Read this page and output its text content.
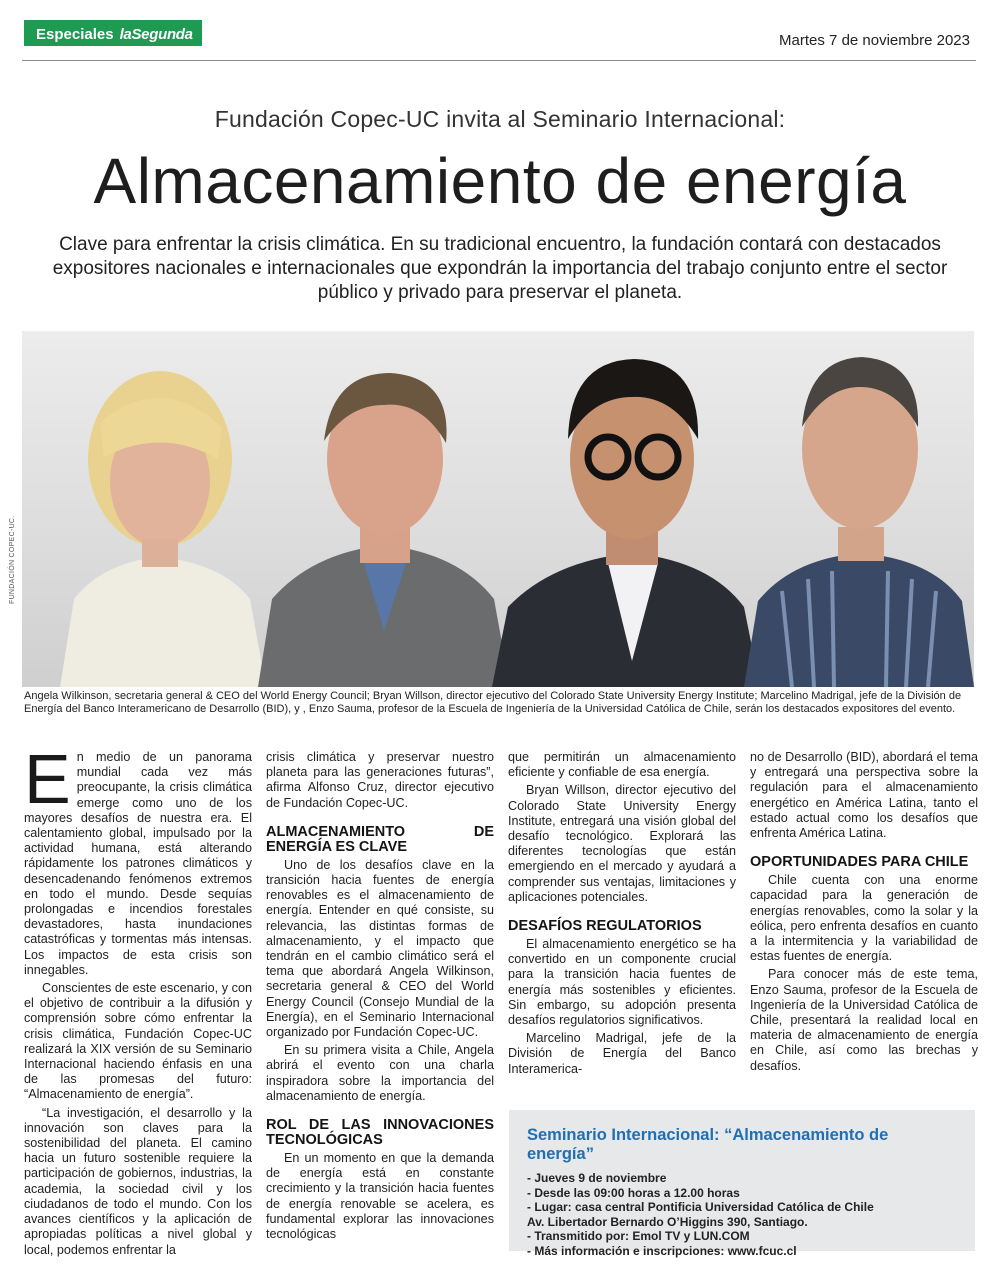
Especiales laSegunda	Martes 7 de noviembre 2023
Fundación Copec-UC invita al Seminario Internacional:
Almacenamiento de energía
Clave para enfrentar la crisis climática. En su tradicional encuentro, la fundación contará con destacados expositores nacionales e internacionales que expondrán la importancia del trabajo conjunto entre el sector público y privado para preservar el planeta.
FUNDACIÓN COPEC-UC.
Angela Wilkinson, secretaria general & CEO del World Energy Council; Bryan Willson, director ejecutivo del Colorado State University Energy Institute; Marcelino Madrigal, jefe de la División de Energía del Banco Interamericano de Desarrollo (BID), y , Enzo Sauma, profesor de la Escuela de Ingeniería de la Universidad Católica de Chile, serán los destacados expositores del evento.

En medio de un panorama mundial cada vez más preocupante, la crisis climática emerge como uno de los mayores desafíos de nuestra era. El calentamiento global, impulsado por la actividad humana, está alterando rápidamente los patrones climáticos y desencadenando fenómenos extremos en todo el mundo. Desde sequías prolongadas e incendios forestales devastadores, hasta inundaciones catastróficas y tormentas más intensas. Los impactos de esta crisis son innegables.

Conscientes de este escenario, y con el objetivo de contribuir a la difusión y comprensión sobre cómo enfrentar la crisis climática, Fundación Copec-UC realizará la XIX versión de su Seminario Internacional haciendo énfasis en una de las promesas del futuro: “Almacenamiento de energía”.

“La investigación, el desarrollo y la innovación son claves para la sostenibilidad del planeta. El camino hacia un futuro sostenible requiere la participación de gobiernos, industrias, la academia, la sociedad civil y los ciudadanos de todo el mundo. Con los avances científicos y la aplicación de apropiadas políticas a nivel global y local, podemos enfrentar la

crisis climática y preservar nuestro planeta para las generaciones futuras”, afirma Alfonso Cruz, director ejecutivo de Fundación Copec-UC.

ALMACENAMIENTO DE ENERGÍA ES CLAVE

Uno de los desafíos clave en la transición hacia fuentes de energía renovables es el almacenamiento de energía. Entender en qué consiste, su relevancia, las distintas formas de almacenamiento, y el impacto que tendrán en el cambio climático será el tema que abordará Angela Wilkinson, secretaria general & CEO del World Energy Council (Consejo Mundial de la Energía), en el Seminario Internacional organizado por Fundación Copec-UC.

En su primera visita a Chile, Angela abrirá el evento con una charla inspiradora sobre la importancia del almacenamiento de energía.

ROL DE LAS INNOVACIONES TECNOLÓGICAS

En un momento en que la demanda de energía está en constante crecimiento y la transición hacia fuentes de energía renovable se acelera, es fundamental explorar las innovaciones tecnológicas

que permitirán un almacenamiento eficiente y confiable de esa energía.

Bryan Willson, director ejecutivo del Colorado State University Energy Institute, entregará una visión global del desafío tecnológico. Explorará las diferentes tecnologías que están emergiendo en el mercado y ayudará a comprender sus ventajas, limitaciones y aplicaciones potenciales.

DESAFÍOS REGULATORIOS

El almacenamiento energético se ha convertido en un componente crucial para la transición hacia fuentes de energía más sostenibles y eficientes. Sin embargo, su adopción presenta desafíos regulatorios significativos.

Marcelino Madrigal, jefe de la División de Energía del Banco Interamerica-

no de Desarrollo (BID), abordará el tema y entregará una perspectiva sobre la regulación para el almacenamiento energético en América Latina, tanto el estado actual como los desafíos que enfrenta América Latina.

OPORTUNIDADES PARA CHILE

Chile cuenta con una enorme capacidad para la generación de energías renovables, como la solar y la eólica, pero enfrenta desafíos en cuanto a la intermitencia y la variabilidad de estas fuentes de energía.

Para conocer más de este tema, Enzo Sauma, profesor de la Escuela de Ingeniería de la Universidad Católica de Chile, presentará la realidad local en materia de almacenamiento de energía en Chile, así como las brechas y desafíos.

Seminario Internacional: “Almacenamiento de energía”
- Jueves 9 de noviembre
- Desde las 09:00 horas a 12.00 horas
- Lugar: casa central Pontificia Universidad Católica de Chile
Av. Libertador Bernardo O’Higgins 390, Santiago.
- Transmitido por: Emol TV y LUN.COM
- Más información e inscripciones: www.fcuc.cl
